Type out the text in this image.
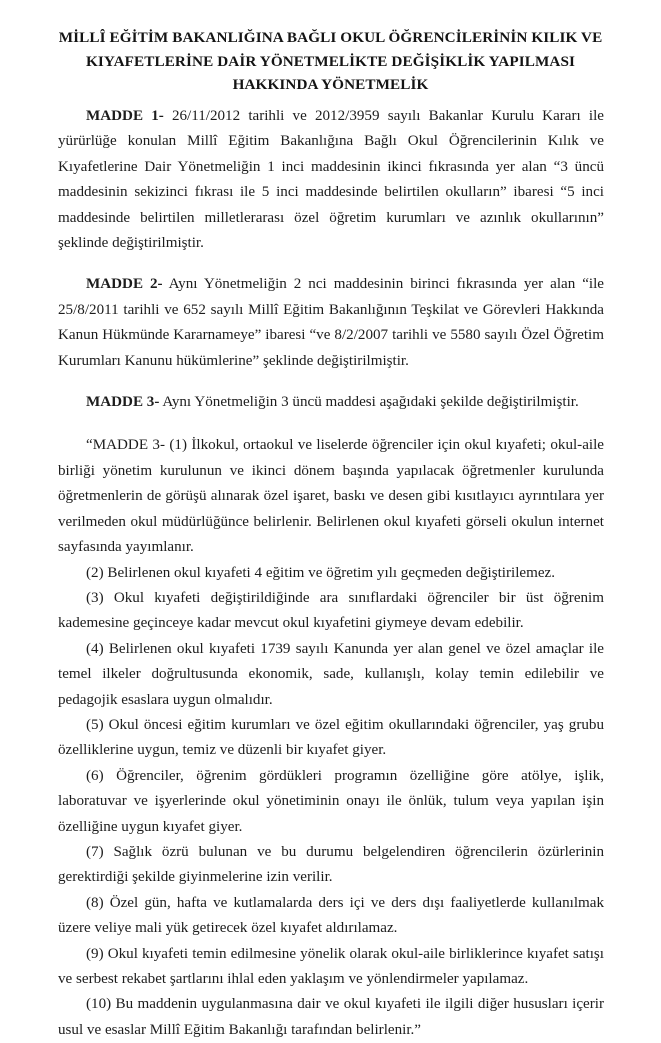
MİLLÎ EĞİTİM BAKANLIĞINA BAĞLI OKUL ÖĞRENCİLERİNİN KILIK VE
KIYAFETLERİNE DAİR YÖNETMELİKTE DEĞİŞİKLİK YAPILMASI
HAKKINDA YÖNETMELİK

MADDE 1- 26/11/2012 tarihli ve 2012/3959 sayılı Bakanlar Kurulu Kararı ile yürürlüğe konulan Millî Eğitim Bakanlığına Bağlı Okul Öğrencilerinin Kılık ve Kıyafetlerine Dair Yönetmeliğin 1 inci maddesinin ikinci fıkrasında yer alan “3 üncü maddesinin sekizinci fıkrası ile 5 inci maddesinde belirtilen okulların” ibaresi “5 inci maddesinde belirtilen milletlerarası özel öğretim kurumları ve azınlık okullarının” şeklinde değiştirilmiştir.

MADDE 2- Aynı Yönetmeliğin 2 nci maddesinin birinci fıkrasında yer alan “ile 25/8/2011 tarihli ve 652 sayılı Millî Eğitim Bakanlığının Teşkilat ve Görevleri Hakkında Kanun Hükmünde Kararnameye” ibaresi “ve 8/2/2007 tarihli ve 5580 sayılı Özel Öğretim Kurumları Kanunu hükümlerine” şeklinde değiştirilmiştir.

MADDE 3- Aynı Yönetmeliğin 3 üncü maddesi aşağıdaki şekilde değiştirilmiştir.

“MADDE 3- (1) İlkokul, ortaokul ve liselerde öğrenciler için okul kıyafeti; okul-aile birliği yönetim kurulunun ve ikinci dönem başında yapılacak öğretmenler kurulunda öğretmenlerin de görüşü alınarak özel işaret, baskı ve desen gibi kısıtlayıcı ayrıntılara yer verilmeden okul müdürlüğünce belirlenir. Belirlenen okul kıyafeti görseli okulun internet sayfasında yayımlanır.

(2) Belirlenen okul kıyafeti 4 eğitim ve öğretim yılı geçmeden değiştirilemez.

(3) Okul kıyafeti değiştirildiğinde ara sınıflardaki öğrenciler bir üst öğrenim kademesine geçinceye kadar mevcut okul kıyafetini giymeye devam edebilir.

(4) Belirlenen okul kıyafeti 1739 sayılı Kanunda yer alan genel ve özel amaçlar ile temel ilkeler doğrultusunda ekonomik, sade, kullanışlı, kolay temin edilebilir ve pedagojik esaslara uygun olmalıdır.

(5) Okul öncesi eğitim kurumları ve özel eğitim okullarındaki öğrenciler, yaş grubu özelliklerine uygun, temiz ve düzenli bir kıyafet giyer.

(6) Öğrenciler, öğrenim gördükleri programın özelliğine göre atölye, işlik, laboratuvar ve işyerlerinde okul yönetiminin onayı ile önlük, tulum veya yapılan işin özelliğine uygun kıyafet giyer.

(7) Sağlık özrü bulunan ve bu durumu belgelendiren öğrencilerin özürlerinin gerektirdiği şekilde giyinmelerine izin verilir.

(8) Özel gün, hafta ve kutlamalarda ders içi ve ders dışı faaliyetlerde kullanılmak üzere veliye mali yük getirecek özel kıyafet aldırılamaz.

(9) Okul kıyafeti temin edilmesine yönelik olarak okul-aile birliklerince kıyafet satışı ve serbest rekabet şartlarını ihlal eden yaklaşım ve yönlendirmeler yapılamaz.

(10) Bu maddenin uygulanmasına dair ve okul kıyafeti ile ilgili diğer hususları içerir usul ve esaslar Millî Eğitim Bakanlığı tarafından belirlenir.”
